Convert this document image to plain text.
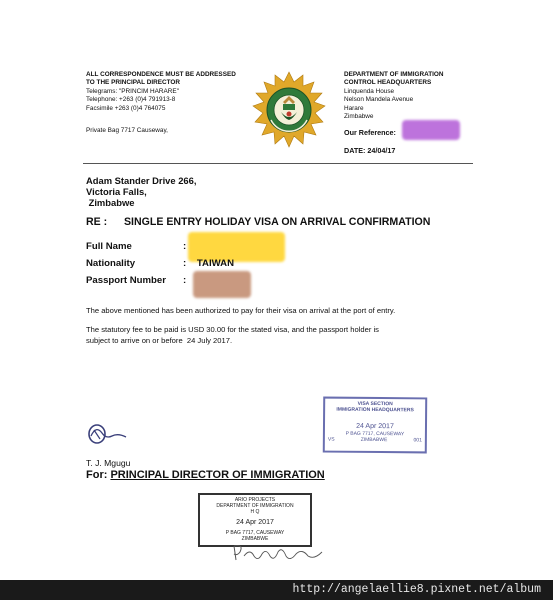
ALL CORRESPONDENCE MUST BE ADDRESSED
TO THE PRINCIPAL DIRECTOR
Telegrams: "PRINCIM HARARE"
Telephone: +263 (0)4 791913-8
Facsimile +263 (0)4 764075
Private Bag 7717 Causeway,
DEPARTMENT OF IMMIGRATION
CONTROL HEADQUARTERS
Linquenda House
Nelson Mandela Avenue
Harare
Zimbabwe
Our Reference:
DATE: 24/04/17
Adam Stander Drive 266,
Victoria Falls,
Zimbabwe
RE : SINGLE ENTRY HOLIDAY VISA ON ARRIVAL CONFIRMATION
Full Name	:
Nationality	: TAIWAN
Passport Number :
The above mentioned has been authorized to pay for their visa on arrival at the port of entry.
The statutory fee to be paid is USD 30.00 for the stated visa, and the passport holder is
subject to arrive on or before  24 July 2017.
VISA SECTION
IMMIGRATION HEADQUARTERS
24 Apr 2017
P BAG 7717, CAUSEWAY
VS	ZIMBABWE	001
T. J. Mgugu
For: PRINCIPAL DIRECTOR OF IMMIGRATION
ARIO PROJECTS
DEPARTMENT OF IMMIGRATION
H Q
24 Apr 2017
P BAG 7717, CAUSEWAY
ZIMBABWE
http://angelaellie8.pixnet.net/album
